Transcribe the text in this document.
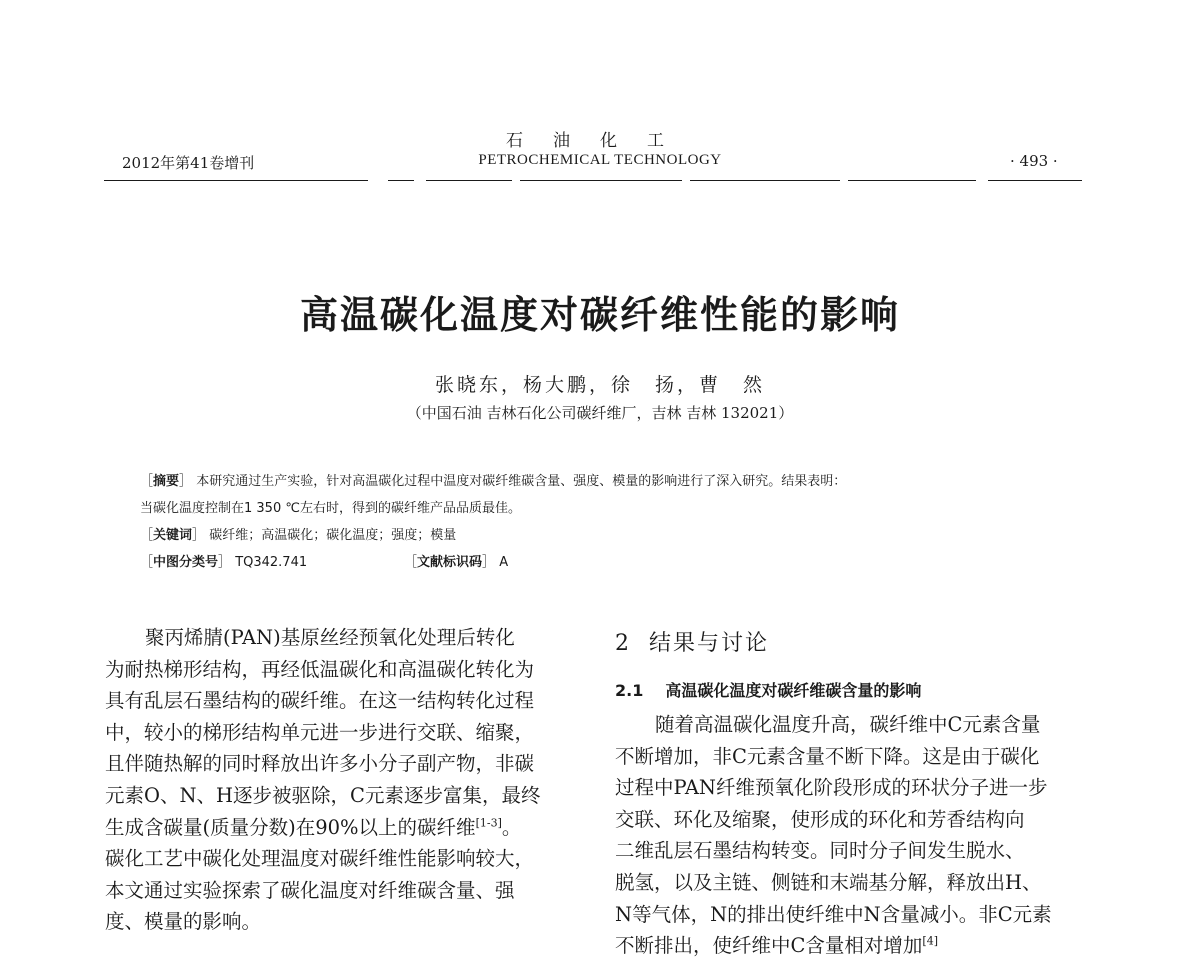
石油化工
2012年第41卷增刊	PETROCHEMICAL TECHNOLOGY	· 493 ·
高温碳化温度对碳纤维性能的影响
张晓东，杨大鹏，徐　扬，曹　然
（中国石油 吉林石化公司碳纤维厂，吉林 吉林 132021）
［摘要］ 本研究通过生产实验，针对高温碳化过程中温度对碳纤维碳含量、强度、模量的影响进行了深入研究。结果表明：
当碳化温度控制在1 350 ℃左右时，得到的碳纤维产品品质最佳。
［关键词］ 碳纤维；高温碳化；碳化温度；强度；模量
［中图分类号］ TQ342.741	［文献标识码］ A
聚丙烯腈(PAN)基原丝经预氧化处理后转化
为耐热梯形结构，再经低温碳化和高温碳化转化为
具有乱层石墨结构的碳纤维。在这一结构转化过程
中，较小的梯形结构单元进一步进行交联、缩聚，
且伴随热解的同时释放出许多小分子副产物，非碳
元素O、N、H逐步被驱除，C元素逐步富集，最终
生成含碳量(质量分数)在90%以上的碳纤维[1-3]。
碳化工艺中碳化处理温度对碳纤维性能影响较大，
本文通过实验探索了碳化温度对纤维碳含量、强
度、模量的影响。
2 结果与讨论
2.1 高温碳化温度对碳纤维碳含量的影响
随着高温碳化温度升高，碳纤维中C元素含量
不断增加，非C元素含量不断下降。这是由于碳化
过程中PAN纤维预氧化阶段形成的环状分子进一步
交联、环化及缩聚，使形成的环化和芳香结构向
二维乱层石墨结构转变。同时分子间发生脱水、
脱氢，以及主链、侧链和末端基分解，释放出H、
N等气体，N的排出使纤维中N含量减小。非C元素
不断排出，使纤维中C含量相对增加[4]
